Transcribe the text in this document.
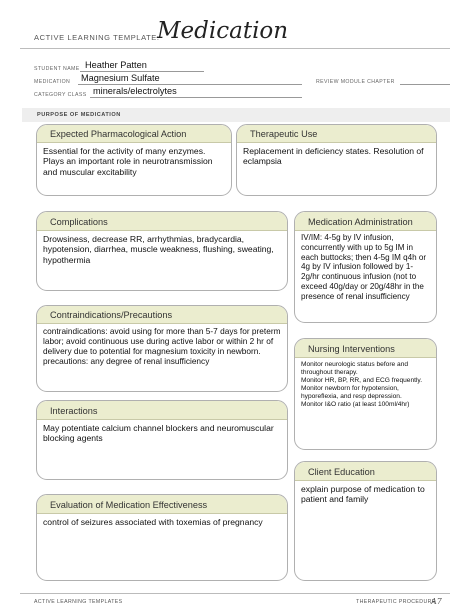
ACTIVE LEARNING TEMPLATE:
Medication
STUDENT NAME Heather Patten
MEDICATION Magnesium Sulfate	REVIEW MODULE CHAPTER
CATEGORY CLASS minerals/electrolytes
PURPOSE OF MEDICATION
Expected Pharmacological Action
Essential for the activity of many enzymes. Plays an important role in neurotransmission and muscular excitability
Therapeutic Use
Replacement in deficiency states. Resolution of eclampsia
Complications
Drowsiness, decrease RR, arrhythmias, bradycardia, hypotension, diarrhea, muscle weakness, flushing, sweating, hypothermia
Medication Administration
IV/IM: 4-5g by IV infusion, concurrently with up to 5g IM in each buttocks; then 4-5g IM q4h or 4g by IV infusion followed by 1-2g/hr continuous infusion (not to exceed 40g/day or 20g/48hr in the presence of renal insufficiency
Contraindications/Precautions
contraindications: avoid using for more than 5-7 days for preterm labor; avoid continuous use during active labor or within 2 hr of delivery due to potential for magnesium toxicity in newborn.
precautions: any degree of renal insufficiency
Nursing Interventions
Monitor neurologic status before and throughout therapy.
Monitor HR, BP, RR, and ECG frequently.
Monitor newborn for hypotension, hyporeflexia, and resp depression.
Monitor I&O ratio (at least 100ml/4hr)
Interactions
May potentiate calcium channel blockers and neuromuscular blocking agents
Client Education
explain purpose of medication to patient and family
Evaluation of Medication Effectiveness
control of seizures associated with toxemias of pregnancy
ACTIVE LEARNING TEMPLATES	THERAPEUTIC PROCEDURE
A7
